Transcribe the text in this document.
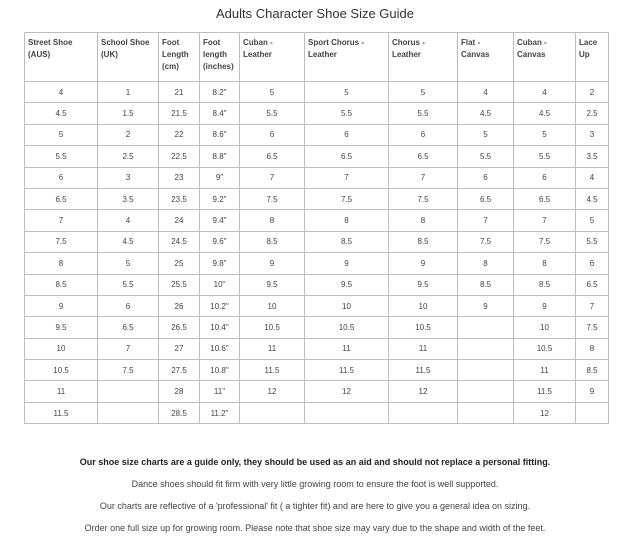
Adults Character Shoe Size Guide
Street Shoe (AUS)	School Shoe (UK)	Foot Length (cm)	Foot length (inches)	Cuban - Leather	Sport Chorus - Leather	Chorus - Leather	Flat - Canvas	Cuban - Canvas	Lace Up
4	1	21	8.2"	5	5	5	4	4	2
4.5	1.5	21.5	8.4"	5.5	5.5	5.5	4.5	4.5	2.5
5	2	22	8.6"	6	6	6	5	5	3
5.5	2.5	22.5	8.8"	6.5	6.5	6.5	5.5	5.5	3.5
6	3	23	9"	7	7	7	6	6	4
6.5	3.5	23.5	9.2"	7.5	7.5	7.5	6.5	6.5	4.5
7	4	24	9.4"	8	8	8	7	7	5
7.5	4.5	24.5	9.6"	8.5	8.5	8.5	7.5	7.5	5.5
8	5	25	9.8"	9	9	9	8	8	6
8.5	5.5	25.5	10"	9.5	9.5	9.5	8.5	8.5	6.5
9	6	26	10.2"	10	10	10	9	9	7
9.5	6.5	26.5	10.4"	10.5	10.5	10.5		10	7.5
10	7	27	10.6"	11	11	11		10.5	8
10.5	7.5	27.5	10.8"	11.5	11.5	11.5		11	8.5
11		28	11"	12	12	12		11.5	9
11.5		28.5	11.2"					12	

Our shoe size charts are a guide only, they should be used as an aid and should not replace a personal fitting.

Dance shoes should fit firm with very little growing room to ensure the foot is well supported.

Our charts are reflective of a 'professional' fit ( a tighter fit) and are here to give you a general idea on sizing.

Order one full size up for growing room. Please note that shoe size may vary due to the shape and width of the feet.
